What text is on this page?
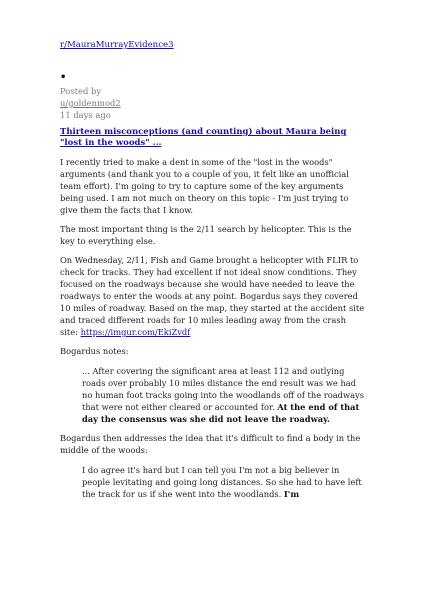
r/MauraMurrayEvidence3
•
Posted by
u/goldenmod2
11 days ago
Thirteen misconceptions (and counting) about Maura being "lost in the woods" ...

I recently tried to make a dent in some of the "lost in the woods" arguments (and thank you to a couple of you, it felt like an unofficial team effort). I'm going to try to capture some of the key arguments being used. I am not much on theory on this topic - I'm just trying to give them the facts that I know.

The most important thing is the 2/11 search by helicopter. This is the key to everything else.

On Wednesday, 2/11, Fish and Game brought a helicopter with FLIR to check for tracks. They had excellent if not ideal snow conditions. They focused on the roadways because she would have needed to leave the roadways to enter the woods at any point. Bogardus says they covered 10 miles of roadway. Based on the map, they started at the accident site and traced different roads for 10 miles leading away from the crash site: https://imgur.com/EkiZvdf

Bogardus notes:

... After covering the significant area at least 112 and outlying roads over probably 10 miles distance the end result was we had no human foot tracks going into the woodlands off of the roadways that were not either cleared or accounted for. At the end of that day the consensus was she did not leave the roadway.

Bogardus then addresses the idea that it's difficult to find a body in the middle of the woods:

I do agree it's hard but I can tell you I'm not a big believer in people levitating and going long distances. So she had to have left the track for us if she went into the woodlands. I'm
